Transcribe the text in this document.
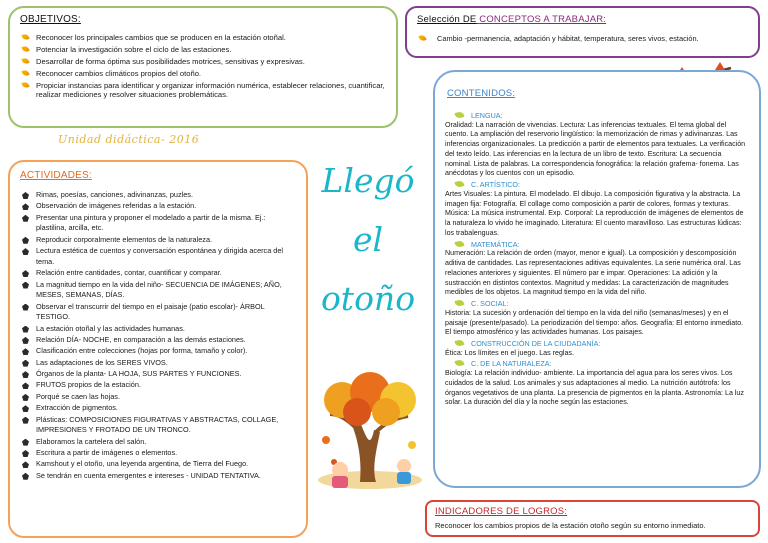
OBJETIVOS:
Reconocer los principales cambios que se producen en la estación otoñal.
Potenciar la investigación sobre el ciclo de las estaciones.
Desarrollar de forma óptima sus posibilidades motrices, sensitivas y expresivas.
Reconocer cambios climáticos propios del otoño.
Propiciar instancias para identificar y organizar información numérica, establecer relaciones, cuantificar, realizar mediciones y resolver situaciones problemáticas.
Unidad didáctica- 2016
ACTIVIDADES:
Rimas, poesías, canciones, adivinanzas, puzles.
Observación de imágenes referidas a la estación.
Presentar una pintura y proponer el modelado a partir de la misma. Ej.: plastilina, arcilla, etc.
Reproducir corporalmente elementos de la naturaleza.
Lectura estética de cuentos y conversación espontánea y dirigida acerca del tema.
Relación entre cantidades, contar, cuantificar y comparar.
La magnitud tiempo en la vida del niño- SECUENCIA DE IMÁGENES; AÑO, MESES, SEMANAS, DÍAS.
Observar el transcurrir del tiempo en el paisaje (patio escolar)- ÁRBOL TESTIGO.
La estación otoñal y las actividades humanas.
Relación DÍA- NOCHE, en comparación a las demás estaciones.
Clasificación entre colecciones (hojas por forma, tamaño y color).
Las adaptaciones de los SERES VIVOS.
Órganos de la planta- LA HOJA, SUS PARTES Y FUNCIONES.
FRUTOS propios de la estación.
Porqué se caen las hojas.
Extracción de pigmentos.
Plásticas: COMPOSICIONES FIGURATIVAS Y ABSTRACTAS, COLLAGE, IMPRESIONES Y FROTADO DE UN TRONCO.
Elaboramos la cartelera del salón.
Escritura a partir de imágenes o elementos.
Kamshout y el otoño, una leyenda argentina, de Tierra del Fuego.
Se tendrán en cuenta emergentes e intereses - UNIDAD TENTATIVA.
Llegó
el
otoño
Selección DE CONCEPTOS A TRABAJAR:
Cambio -permanencia, adaptación y hábitat, temperatura, seres vivos, estación.
CONTENIDOS:
LENGUA:
Oralidad: La narración de vivencias. Lectura: Las inferencias textuales. El tema global del cuento. La ampliación del reservorio lingüístico: la memorización de rimas y adivinanzas. Las inferencias organizacionales. La predicción a partir de elementos para textuales. La verificación del texto leído. Las inferencias en la lectura de un libro de texto. Escritura: La secuencia nominal. Lista de palabras. La correspondencia fonográfica: la relación grafema- fonema. Las anécdotas y los cuentos con un episodio.
C. ARTÍSTICO:
Artes Visuales: La pintura. El modelado. El dibujo. La composición figurativa y la abstracta. La imagen fija: Fotografía. El collage como composición a partir de colores, formas y texturas. Música: La música instrumental. Exp. Corporal: La reproducción de imágenes de elementos de la naturaleza lo vivido he imaginado. Literatura: El cuento maravilloso. Las estructuras lúdicas: los trabalenguas.
MATEMÁTICA:
Numeración: La relación de orden (mayor, menor e igual). La composición y descomposición aditiva de cantidades. Las representaciones aditivas equivalentes. La serie numérica oral. Las relaciones anteriores y siguientes. El número par e impar. Operaciones: La adición y la sustracción en distintos contextos. Magnitud y medidas: La caracterización de magnitudes medibles de los objetos. La magnitud tiempo en la vida del niño.
C. SOCIAL:
Historia: La sucesión y ordenación del tiempo en la vida del niño (semanas/meses) y en el paisaje (presente/pasado). La periodización del tiempo: años. Geografía: El entorno inmediato. El tiempo atmosférico y las actividades humanas. Los paisajes.
CONSTRUCCIÓN DE LA CIUDADANÍA:
Ética: Los límites en el juego. Las reglas.
C. DE LA NATURALEZA:
Biología: La relación individuo- ambiente. La importancia del agua para los seres vivos. Los cuidados de la salud. Los animales y sus adaptaciones al medio. La nutrición autótrofa: los órganos vegetativos de una planta. La presencia de pigmentos en la planta. Astronomía: La luz solar. La duración del día y la noche según las estaciones.
INDICADORES DE LOGROS:

Reconocer los cambios propios de la estación otoño según su entorno inmediato.
